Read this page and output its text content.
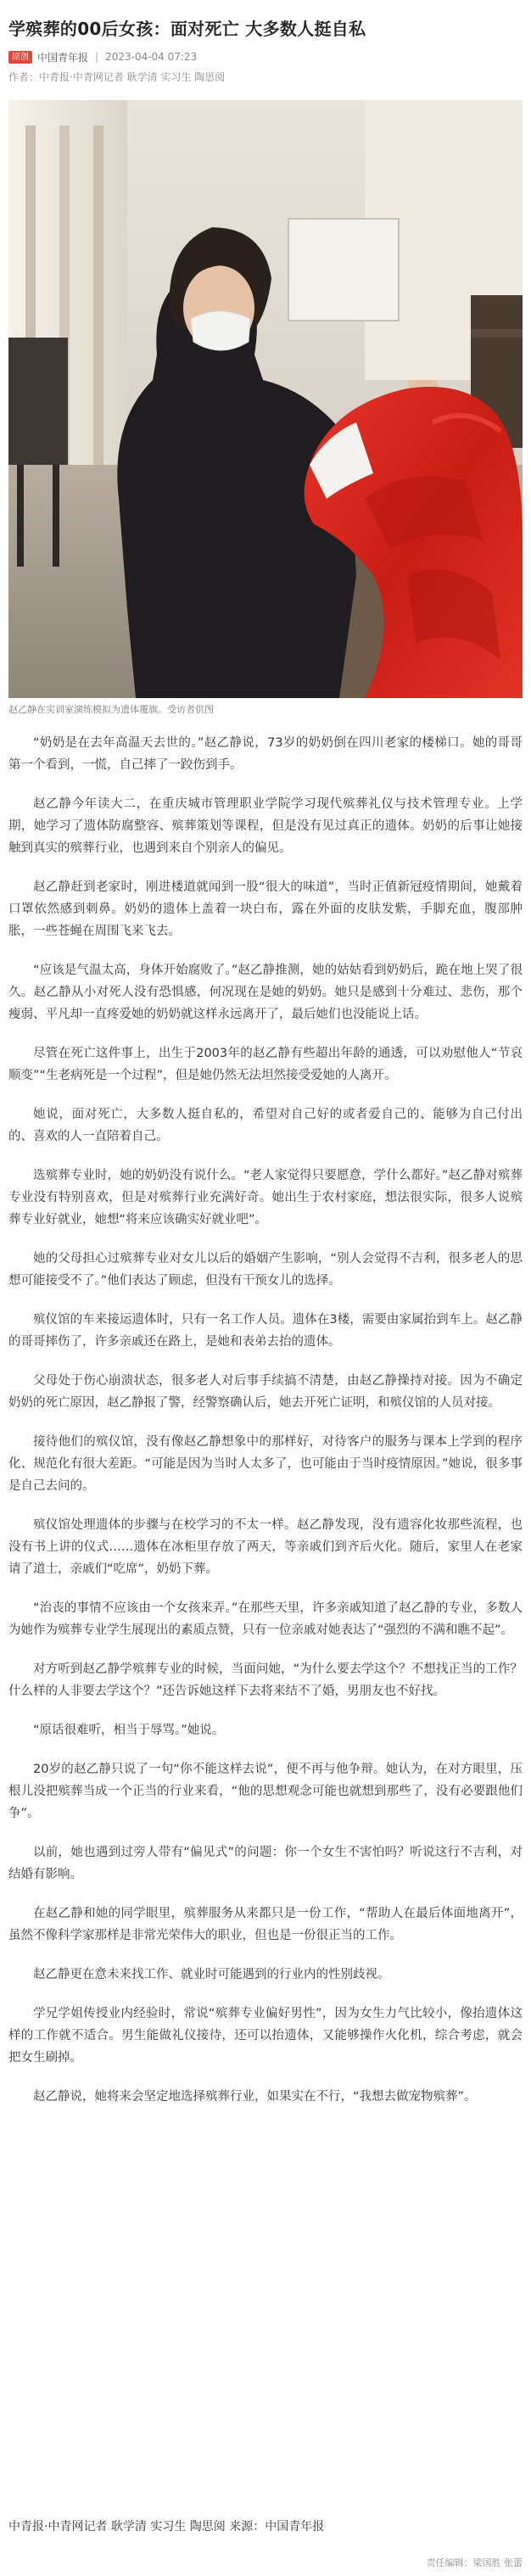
学殡葬的00后女孩：面对死亡 大多数人挺自私
原创 中国青年报 | 2023-04-04 07:23
作者：中青报·中青网记者 耿学清 实习生 陶思阅
赵乙静在实训室演练模拟为遗体覆旗。受访者供图

“奶奶是在去年高温天去世的。”赵乙静说，73岁的奶奶倒在四川老家的楼梯口。她的哥哥第一个看到，一慌，自己摔了一跤伤到手。

赵乙静今年读大二，在重庆城市管理职业学院学习现代殡葬礼仪与技术管理专业。上学期，她学习了遗体防腐整容、殡葬策划等课程，但是没有见过真正的遗体。奶奶的后事让她接触到真实的殡葬行业，也遇到来自个别亲人的偏见。

赵乙静赶到老家时，刚进楼道就闻到一股“很大的味道”，当时正值新冠疫情期间，她戴着口罩依然感到刺鼻。奶奶的遗体上盖着一块白布，露在外面的皮肤发紫，手脚充血，腹部肿胀，一些苍蝇在周围飞来飞去。

“应该是气温太高，身体开始腐败了。”赵乙静推测，她的姑姑看到奶奶后，跪在地上哭了很久。赵乙静从小对死人没有恐惧感，何况现在是她的奶奶。她只是感到十分难过、悲伤，那个瘦弱、平凡却一直疼爱她的奶奶就这样永远离开了，最后她们也没能说上话。

尽管在死亡这件事上，出生于2003年的赵乙静有些超出年龄的通透，可以劝慰他人“节哀顺变”“生老病死是一个过程”，但是她仍然无法坦然接受爱她的人离开。

她说，面对死亡，大多数人挺自私的，希望对自己好的或者爱自己的、能够为自己付出的、喜欢的人一直陪着自己。

选殡葬专业时，她的奶奶没有说什么。“老人家觉得只要愿意，学什么都好。”赵乙静对殡葬专业没有特别喜欢，但是对殡葬行业充满好奇。她出生于农村家庭，想法很实际，很多人说殡葬专业好就业，她想“将来应该确实好就业吧”。

她的父母担心过殡葬专业对女儿以后的婚姻产生影响，“别人会觉得不吉利，很多老人的思想可能接受不了。”他们表达了顾虑，但没有干预女儿的选择。

殡仪馆的车来接运遗体时，只有一名工作人员。遗体在3楼，需要由家属抬到车上。赵乙静的哥哥摔伤了，许多亲戚还在路上，是她和表弟去抬的遗体。

父母处于伤心崩溃状态，很多老人对后事手续搞不清楚，由赵乙静操持对接。因为不确定奶奶的死亡原因，赵乙静报了警，经警察确认后，她去开死亡证明，和殡仪馆的人员对接。

接待他们的殡仪馆，没有像赵乙静想象中的那样好，对待客户的服务与课本上学到的程序化、规范化有很大差距。“可能是因为当时人太多了，也可能由于当时疫情原因。”她说，很多事是自己去问的。

殡仪馆处理遗体的步骤与在校学习的不太一样。赵乙静发现，没有遗容化妆那些流程，也没有书上讲的仪式……遗体在冰柜里存放了两天，等亲戚们到齐后火化。随后，家里人在老家请了道士，亲戚们“吃席”，奶奶下葬。

“治丧的事情不应该由一个女孩来弄。”在那些天里，许多亲戚知道了赵乙静的专业，多数人为她作为殡葬专业学生展现出的素质点赞，只有一位亲戚对她表达了“强烈的不满和瞧不起”。

对方听到赵乙静学殡葬专业的时候，当面问她，“为什么要去学这个？不想找正当的工作？什么样的人非要去学这个？”还告诉她这样下去将来结不了婚，男朋友也不好找。

“原话很难听，相当于辱骂。”她说。

20岁的赵乙静只说了一句“你不能这样去说”，便不再与他争辩。她认为，在对方眼里，压根儿没把殡葬当成一个正当的行业来看，“他的思想观念可能也就想到那些了，没有必要跟他们争”。

以前，她也遇到过旁人带有“偏见式”的问题：你一个女生不害怕吗？听说这行不吉利，对结婚有影响。

在赵乙静和她的同学眼里，殡葬服务从来都只是一份工作，“帮助人在最后体面地离开”，虽然不像科学家那样是非常光荣伟大的职业，但也是一份很正当的工作。

赵乙静更在意未来找工作、就业时可能遇到的行业内的性别歧视。

学兄学姐传授业内经验时，常说“殡葬专业偏好男性”，因为女生力气比较小，像抬遗体这样的工作就不适合。男生能做礼仪接待，还可以抬遗体，又能够操作火化机，综合考虑，就会把女生刷掉。

赵乙静说，她将来会坚定地选择殡葬行业，如果实在不行，“我想去做宠物殡葬”。

中青报·中青网记者 耿学清 实习生 陶思阅 来源：中国青年报
责任编辑：梁国胜 张蕾
